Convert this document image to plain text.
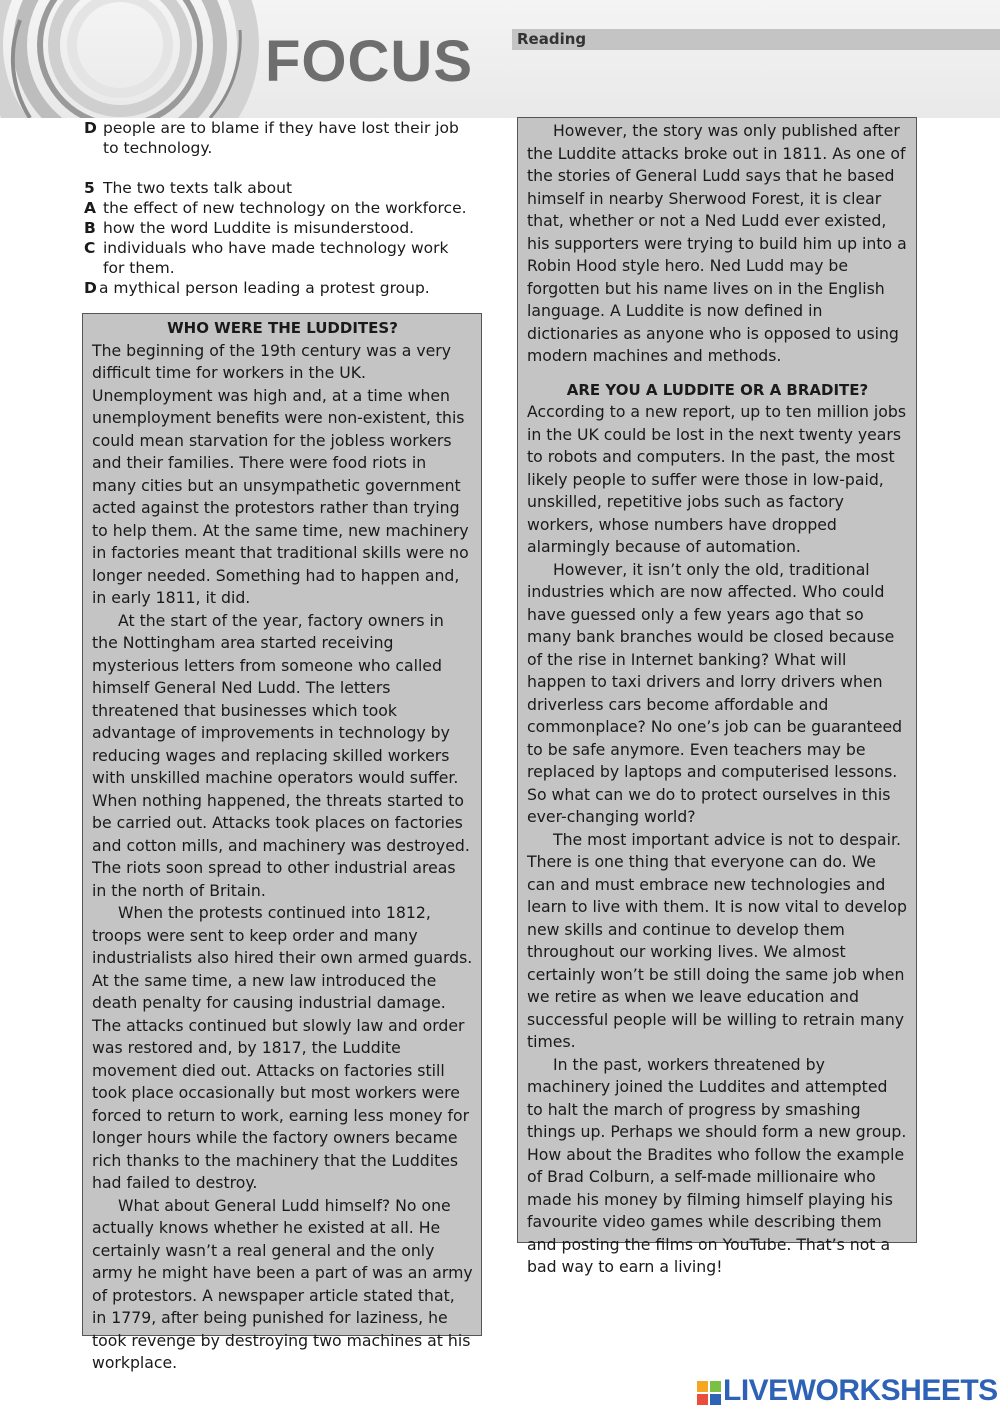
FOCUS	Reading
D people are to blame if they have lost their job to technology.
5 The two texts talk about
A the effect of new technology on the workforce.
B how the word Luddite is misunderstood.
C individuals who have made technology work for them.
D a mythical person leading a protest group.
WHO WERE THE LUDDITES?

The beginning of the 19th century was a very difficult time for workers in the UK. Unemployment was high and, at a time when unemployment benefits were non-existent, this could mean starvation for the jobless workers and their families. There were food riots in many cities but an unsympathetic government acted against the protestors rather than trying to help them. At the same time, new machinery in factories meant that traditional skills were no longer needed. Something had to happen and, in early 1811, it did.

At the start of the year, factory owners in the Nottingham area started receiving mysterious letters from someone who called himself General Ned Ludd. The letters threatened that businesses which took advantage of improvements in technology by reducing wages and replacing skilled workers with unskilled machine operators would suffer. When nothing happened, the threats started to be carried out. Attacks took places on factories and cotton mills, and machinery was destroyed. The riots soon spread to other industrial areas in the north of Britain.

When the protests continued into 1812, troops were sent to keep order and many industrialists also hired their own armed guards. At the same time, a new law introduced the death penalty for causing industrial damage. The attacks continued but slowly law and order was restored and, by 1817, the Luddite movement died out. Attacks on factories still took place occasionally but most workers were forced to return to work, earning less money for longer hours while the factory owners became rich thanks to the machinery that the Luddites had failed to destroy.

What about General Ludd himself? No one actually knows whether he existed at all. He certainly wasn’t a real general and the only army he might have been a part of was an army of protestors. A newspaper article stated that, in 1779, after being punished for laziness, he took revenge by destroying two machines at his workplace.

However, the story was only published after the Luddite attacks broke out in 1811. As one of the stories of General Ludd says that he based himself in nearby Sherwood Forest, it is clear that, whether or not a Ned Ludd ever existed, his supporters were trying to build him up into a Robin Hood style hero. Ned Ludd may be forgotten but his name lives on in the English language. A Luddite is now defined in dictionaries as anyone who is opposed to using modern machines and methods.

ARE YOU A LUDDITE OR A BRADITE?

According to a new report, up to ten million jobs in the UK could be lost in the next twenty years to robots and computers. In the past, the most likely people to suffer were those in low-paid, unskilled, repetitive jobs such as factory workers, whose numbers have dropped alarmingly because of automation.

However, it isn’t only the old, traditional industries which are now affected. Who could have guessed only a few years ago that so many bank branches would be closed because of the rise in Internet banking? What will happen to taxi drivers and lorry drivers when driverless cars become affordable and commonplace? No one’s job can be guaranteed to be safe anymore. Even teachers may be replaced by laptops and computerised lessons. So what can we do to protect ourselves in this ever-changing world?

The most important advice is not to despair. There is one thing that everyone can do. We can and must embrace new technologies and learn to live with them. It is now vital to develop new skills and continue to develop them throughout our working lives. We almost certainly won’t be still doing the same job when we retire as when we leave education and successful people will be willing to retrain many times.

In the past, workers threatened by machinery joined the Luddites and attempted to halt the march of progress by smashing things up. Perhaps we should form a new group. How about the Bradites who follow the example of Brad Colburn, a self-made millionaire who made his money by filming himself playing his favourite video games while describing them and posting the films on YouTube. That’s not a bad way to earn a living!

LIVEWORKSHEETS
